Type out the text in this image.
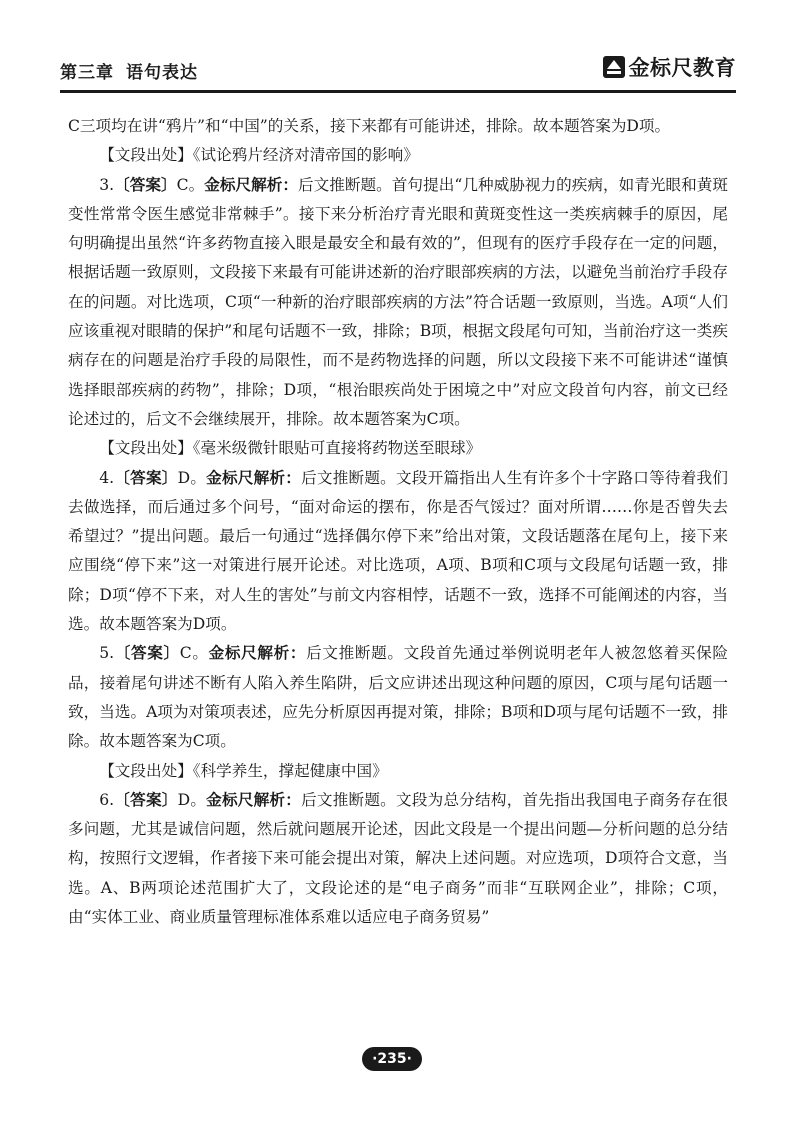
第三章 语句表达	金标尺教育

C三项均在讲“鸦片”和“中国”的关系，接下来都有可能讲述，排除。故本题答案为D项。

【文段出处】《试论鸦片经济对清帝国的影响》

3.〔答案〕C。金标尺解析：后文推断题。首句提出“几种威胁视力的疾病，如青光眼和黄斑变性常常令医生感觉非常棘手”。接下来分析治疗青光眼和黄斑变性这一类疾病棘手的原因，尾句明确提出虽然“许多药物直接入眼是最安全和最有效的”，但现有的医疗手段存在一定的问题，根据话题一致原则，文段接下来最有可能讲述新的治疗眼部疾病的方法，以避免当前治疗手段存在的问题。对比选项，C项“一种新的治疗眼部疾病的方法”符合话题一致原则，当选。A项“人们应该重视对眼睛的保护”和尾句话题不一致，排除；B项，根据文段尾句可知，当前治疗这一类疾病存在的问题是治疗手段的局限性，而不是药物选择的问题，所以文段接下来不可能讲述“谨慎选择眼部疾病的药物”，排除；D项，“根治眼疾尚处于困境之中”对应文段首句内容，前文已经论述过的，后文不会继续展开，排除。故本题答案为C项。

【文段出处】《毫米级微针眼贴可直接将药物送至眼球》

4.〔答案〕D。金标尺解析：后文推断题。文段开篇指出人生有许多个十字路口等待着我们去做选择，而后通过多个问号，“面对命运的摆布，你是否气馁过？面对所谓……你是否曾失去希望过？”提出问题。最后一句通过“选择偶尔停下来”给出对策，文段话题落在尾句上，接下来应围绕“停下来”这一对策进行展开论述。对比选项，A项、B项和C项与文段尾句话题一致，排除；D项“停不下来，对人生的害处”与前文内容相悖，话题不一致，选择不可能阐述的内容，当选。故本题答案为D项。

5.〔答案〕C。金标尺解析：后文推断题。文段首先通过举例说明老年人被忽悠着买保险品，接着尾句讲述不断有人陷入养生陷阱，后文应讲述出现这种问题的原因，C项与尾句话题一致，当选。A项为对策项表述，应先分析原因再提对策，排除；B项和D项与尾句话题不一致，排除。故本题答案为C项。

【文段出处】《科学养生，撑起健康中国》

6.〔答案〕D。金标尺解析：后文推断题。文段为总分结构，首先指出我国电子商务存在很多问题，尤其是诚信问题，然后就问题展开论述，因此文段是一个提出问题—分析问题的总分结构，按照行文逻辑，作者接下来可能会提出对策，解决上述问题。对应选项，D项符合文意，当选。A、B两项论述范围扩大了，文段论述的是“电子商务”而非“互联网企业”，排除；C项，由“实体工业、商业质量管理标准体系难以适应电子商务贸易”

·235·
